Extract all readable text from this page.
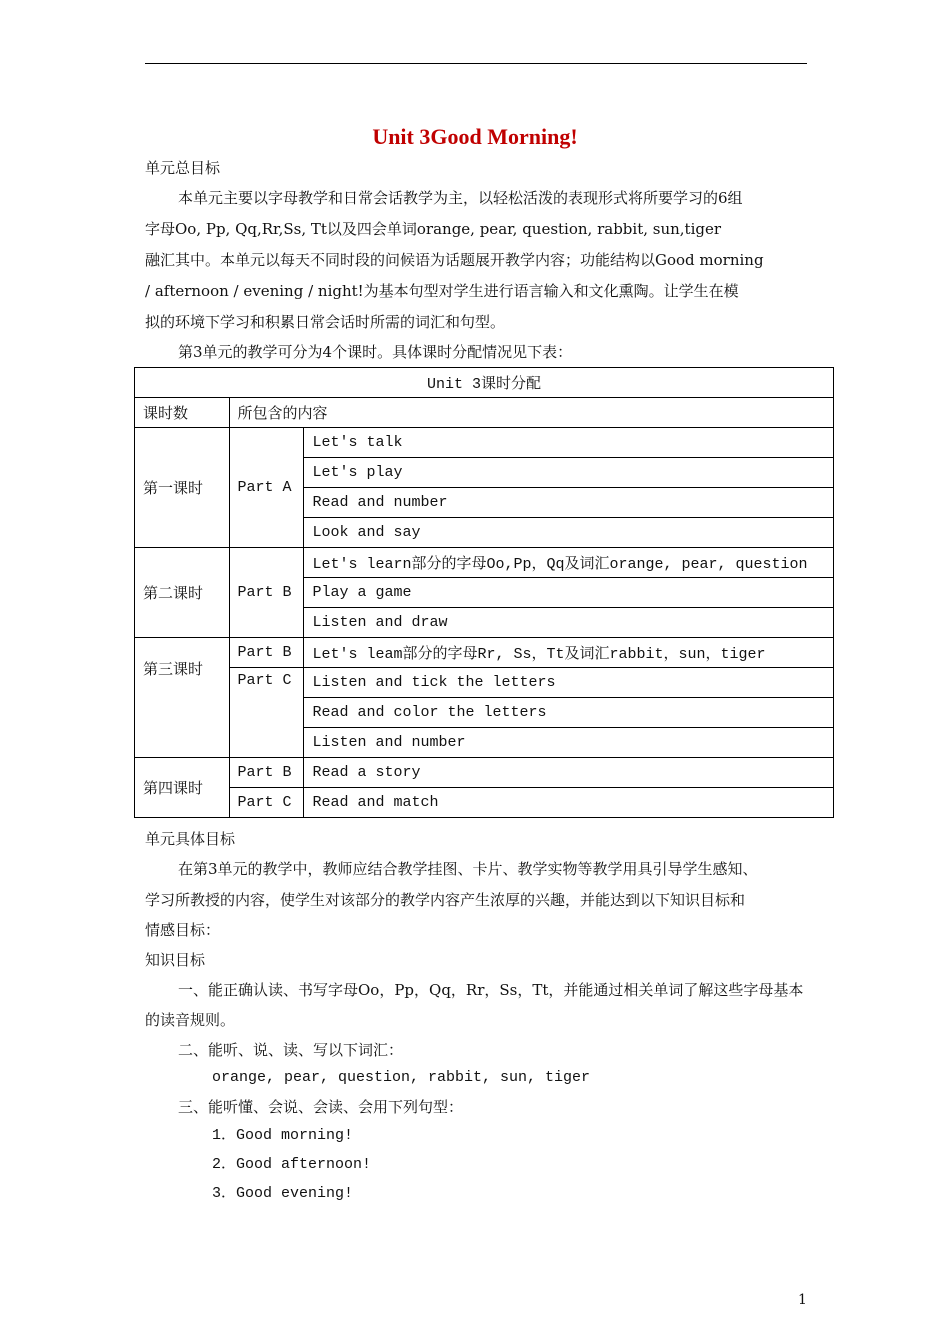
Unit 3Good Morning!
单元总目标
本单元主要以字母教学和日常会话教学为主，以轻松活泼的表现形式将所要学习的6组
字母Oo, Pp, Qq,Rr,Ss, Tt以及四会单词orange, pear, question, rabbit, sun,tiger
融汇其中。本单元以每天不同时段的问候语为话题展开教学内容；功能结构以Good morning
/ afternoon / evening / night!为基本句型对学生进行语言输入和文化熏陶。让学生在模
拟的环境下学习和积累日常会话时所需的词汇和句型。
第3单元的教学可分为4个课时。具体课时分配情况见下表：
Unit 3课时分配		
课时数	所包含的内容	
第一课时	Part A	Let's talk
		Let's play
		Read and number
		Look and say
第二课时	Part B	Let's learn部分的字母Oo,Pp，Qq及词汇orange, pear, question
		Play a game
		Listen and draw
第三课时	Part B	Let's leam部分的字母Rr, Ss，Tt及词汇rabbit，sun，tiger
	Part C	Listen and tick the letters
		Read and color the letters
		Listen and number
第四课时	Part B	Read a story
	Part C	Read and match
单元具体目标
在第3单元的教学中，教师应结合教学挂图、卡片、教学实物等教学用具引导学生感知、
学习所教授的内容，使学生对该部分的教学内容产生浓厚的兴趣，并能达到以下知识目标和
情感目标：
知识目标
一、能正确认读、书写字母Oo，Pp，Qq，Rr，Ss，Tt，并能通过相关单词了解这些字母基本
的读音规则。
二、能听、说、读、写以下词汇：
orange, pear, question, rabbit, sun, tiger
三、能听懂、会说、会读、会用下列句型：
1．Good morning!
2．Good afternoon!
3．Good evening!
1
